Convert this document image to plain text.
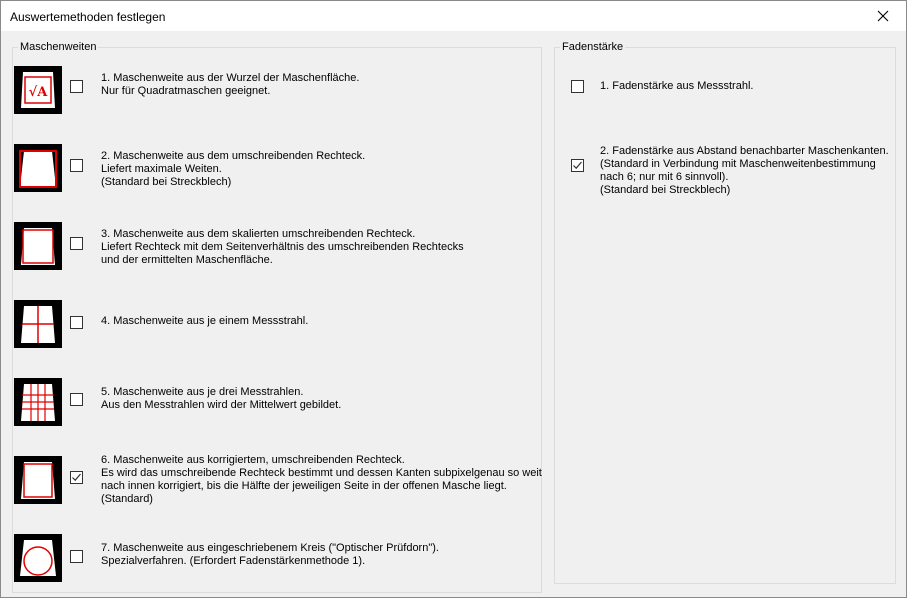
Auswertemethoden festlegen
Maschenweiten
√A
1. Maschenweite aus der Wurzel der Maschenfläche.
Nur für Quadratmaschen geeignet.
2. Maschenweite aus dem umschreibenden Rechteck.
Liefert maximale Weiten.
(Standard bei Streckblech)
3. Maschenweite aus dem skalierten umschreibenden Rechteck.
Liefert Rechteck mit dem Seitenverhältnis des umschreibenden Rechtecks
und der ermittelten Maschenfläche.
4. Maschenweite aus je einem Messstrahl.
5. Maschenweite aus je drei Messtrahlen.
Aus den Messtrahlen wird der Mittelwert gebildet.
6. Maschenweite aus korrigiertem, umschreibenden Rechteck.
Es wird das umschreibende Rechteck bestimmt und dessen Kanten subpixelgenau so weit
nach innen korrigiert, bis die Hälfte der jeweiligen Seite in der offenen Masche liegt.
(Standard)
7. Maschenweite aus eingeschriebenem Kreis ("Optischer Prüfdorn").
Spezialverfahren. (Erfordert Fadenstärkenmethode 1).
Fadenstärke
1. Fadenstärke aus Messstrahl.
2. Fadenstärke aus Abstand benachbarter Maschenkanten.
(Standard in Verbindung mit Maschenweitenbestimmung
nach 6; nur mit 6 sinnvoll).
(Standard bei Streckblech)
